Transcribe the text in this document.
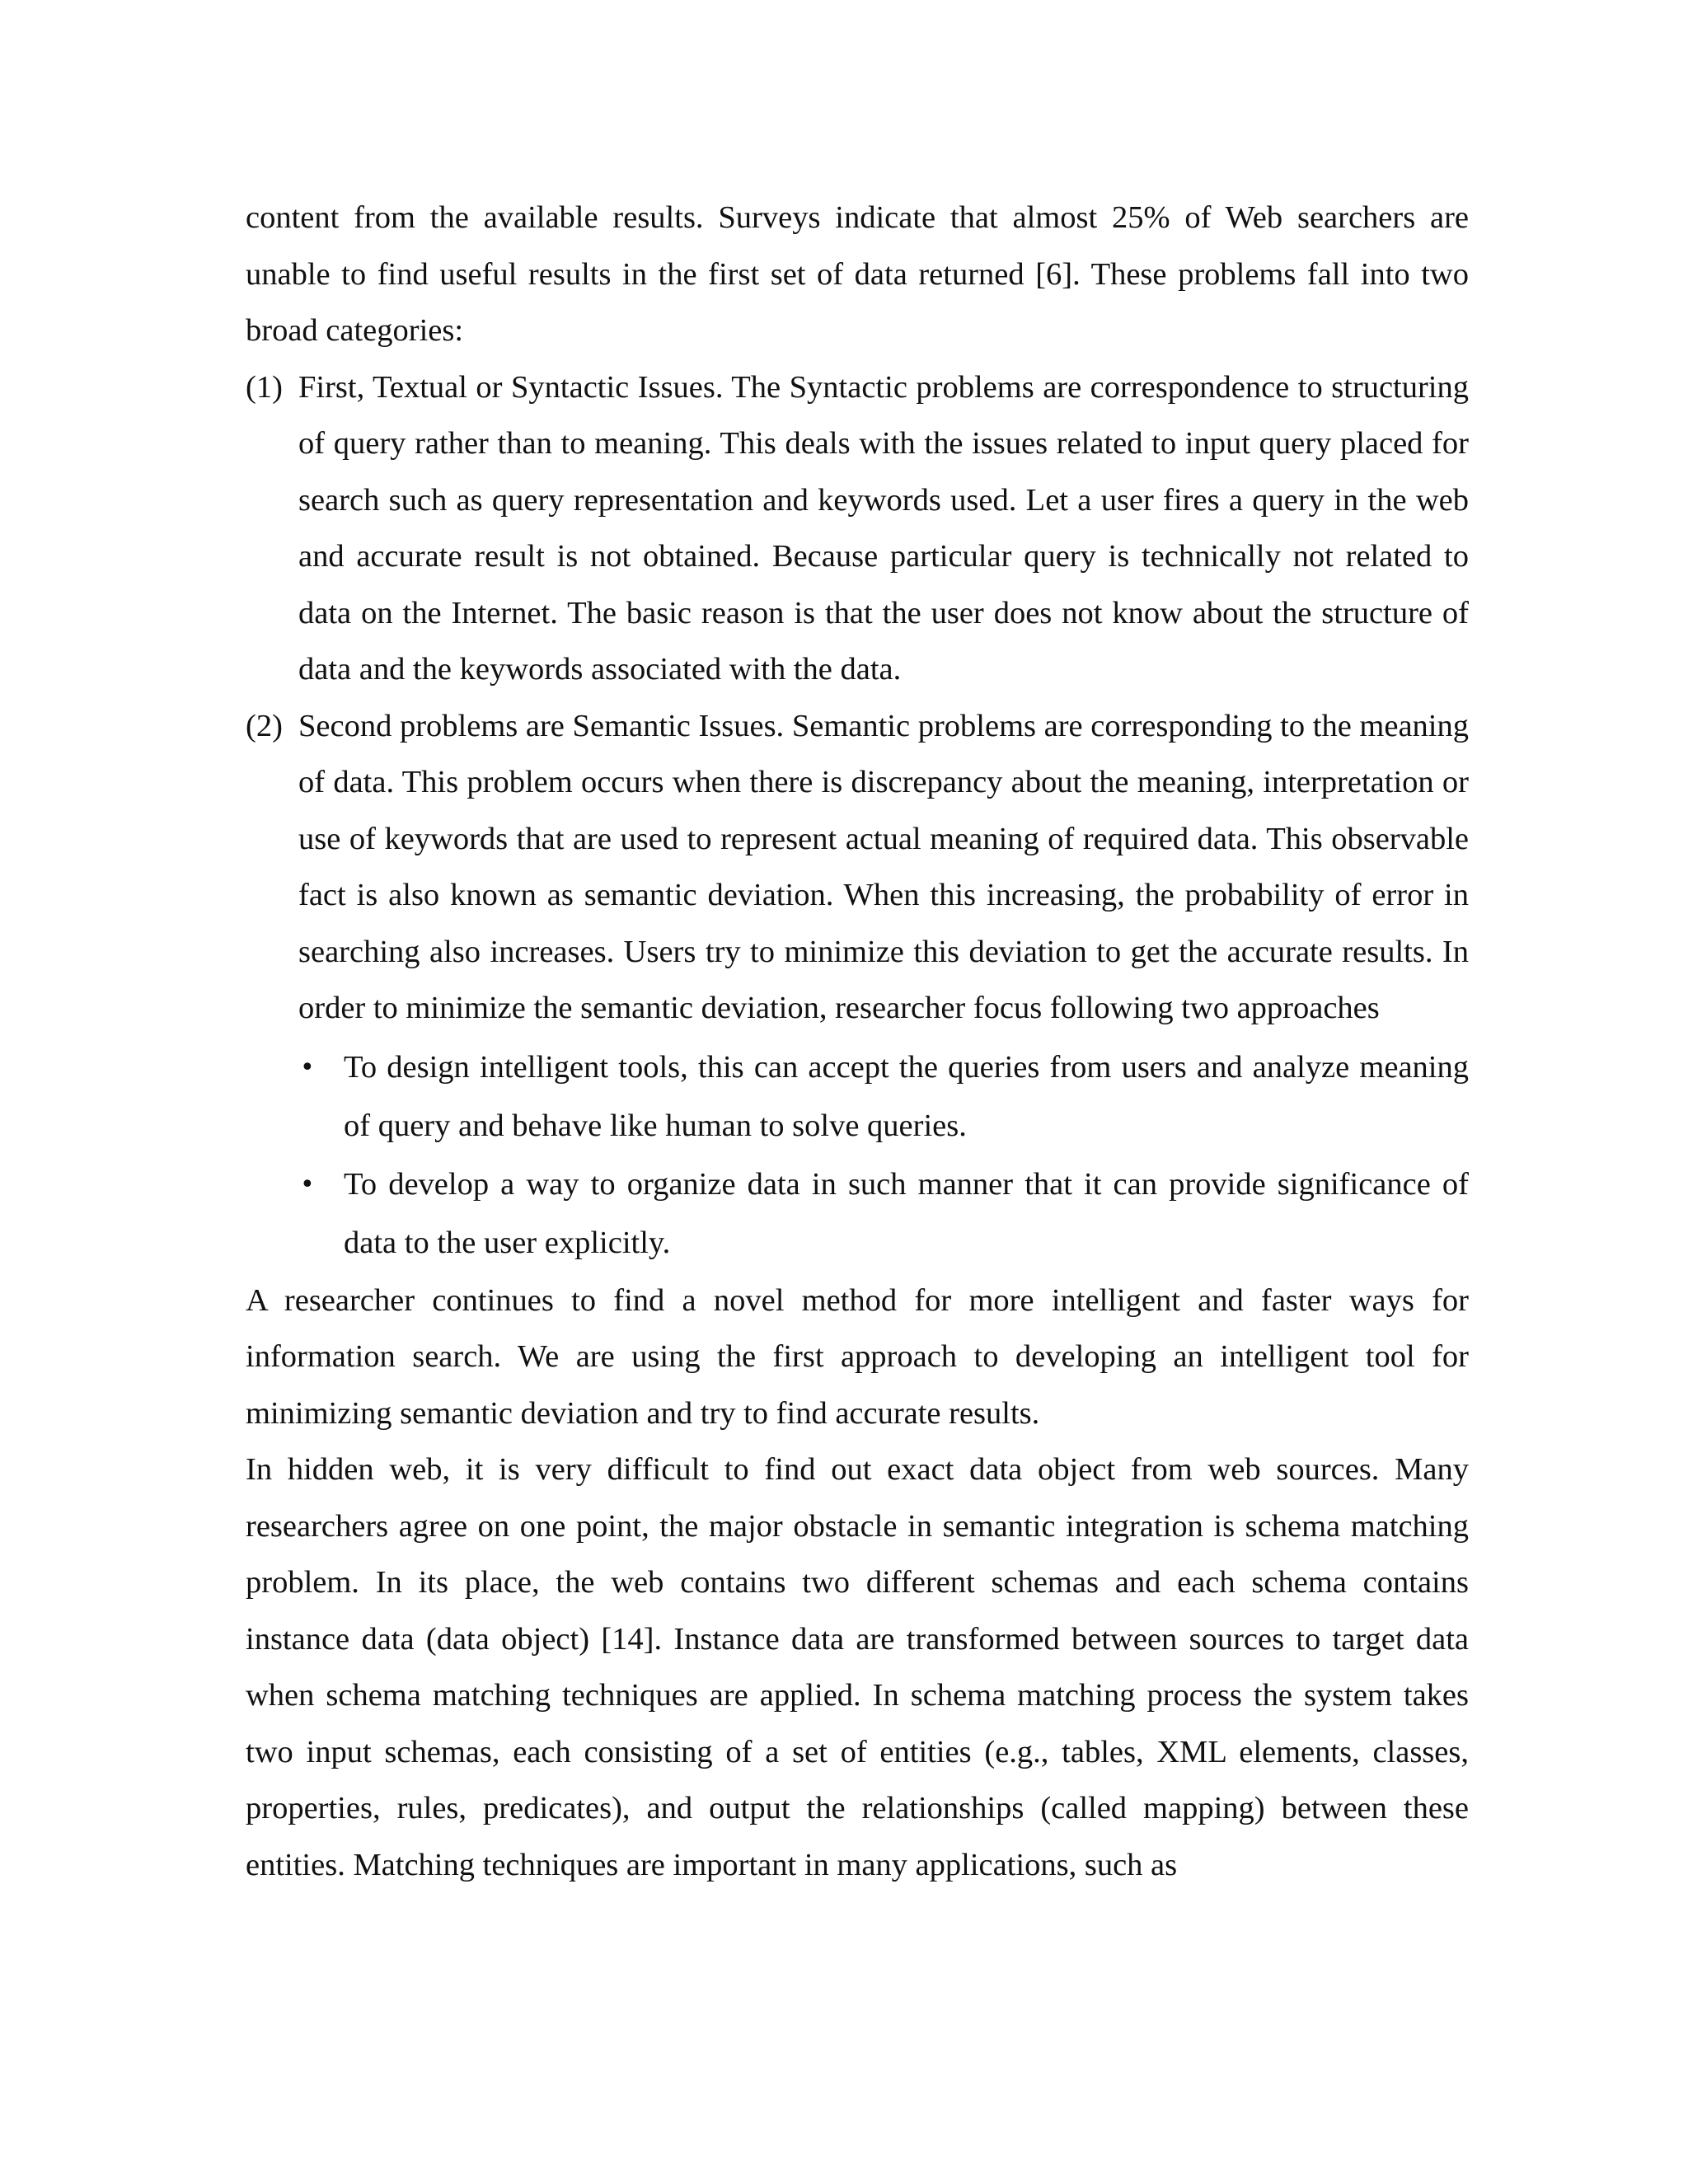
content from the available results. Surveys indicate that almost 25% of Web searchers are unable to find useful results in the first set of data returned [6]. These problems fall into two broad categories:

(1) First, Textual or Syntactic Issues. The Syntactic problems are correspondence to structuring of query rather than to meaning. This deals with the issues related to input query placed for search such as query representation and keywords used. Let a user fires a query in the web and accurate result is not obtained. Because particular query is technically not related to data on the Internet. The basic reason is that the user does not know about the structure of data and the keywords associated with the data.
(2) Second problems are Semantic Issues. Semantic problems are corresponding to the meaning of data. This problem occurs when there is discrepancy about the meaning, interpretation or use of keywords that are used to represent actual meaning of required data. This observable fact is also known as semantic deviation. When this increasing, the probability of error in searching also increases. Users try to minimize this deviation to get the accurate results. In order to minimize the semantic deviation, researcher focus following two approaches
• To design intelligent tools, this can accept the queries from users and analyze meaning of query and behave like human to solve queries.
• To develop a way to organize data in such manner that it can provide significance of data to the user explicitly.

A researcher continues to find a novel method for more intelligent and faster ways for information search. We are using the first approach to developing an intelligent tool for minimizing semantic deviation and try to find accurate results.

In hidden web, it is very difficult to find out exact data object from web sources. Many researchers agree on one point, the major obstacle in semantic integration is schema matching problem. In its place, the web contains two different schemas and each schema contains instance data (data object) [14]. Instance data are transformed between sources to target data when schema matching techniques are applied. In schema matching process the system takes two input schemas, each consisting of a set of entities (e.g., tables, XML elements, classes, properties, rules, predicates), and output the relationships (called mapping) between these entities. Matching techniques are important in many applications, such as
